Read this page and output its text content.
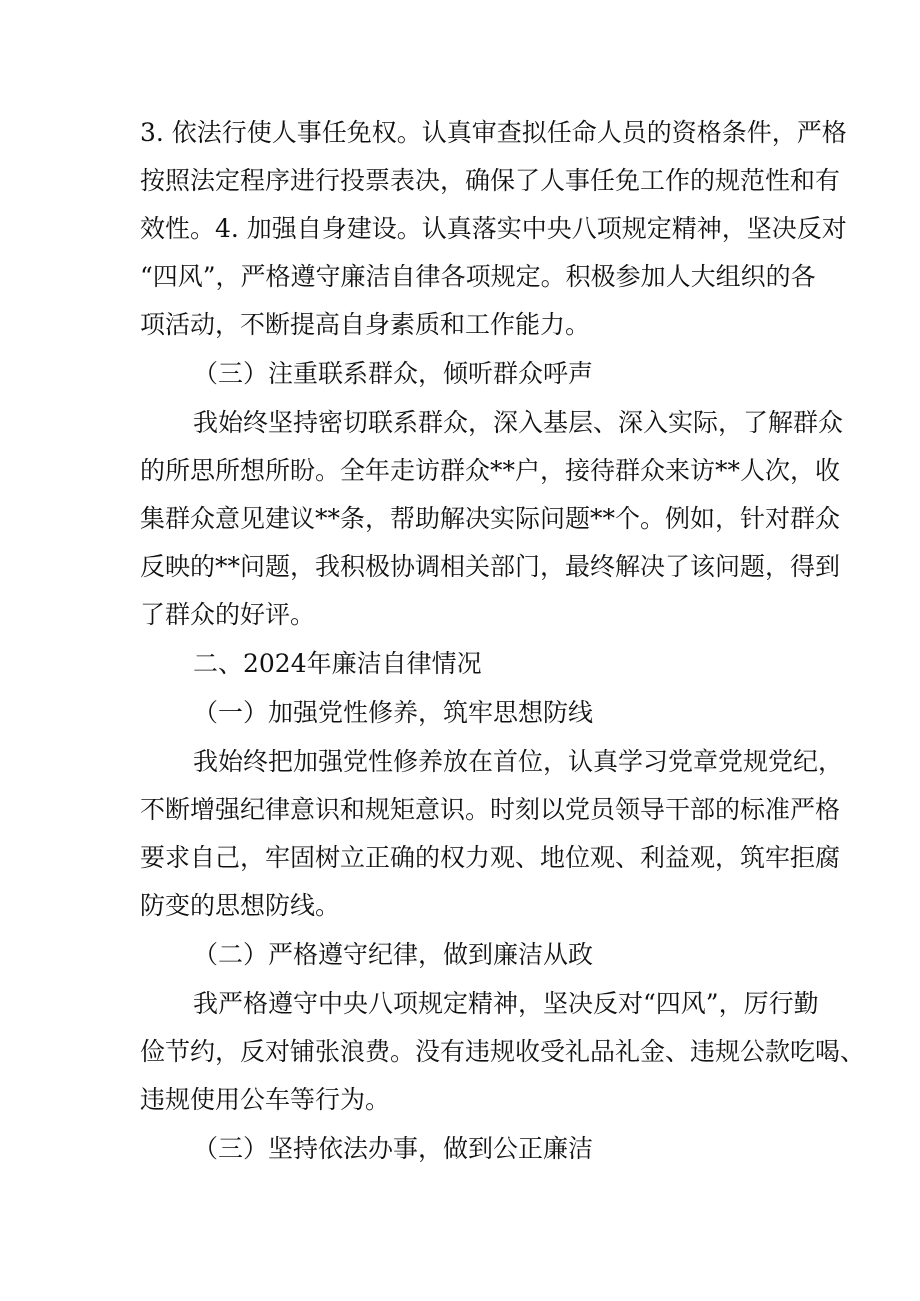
3. 依法行使人事任免权。认真审查拟任命人员的资格条件，严格
按照法定程序进行投票表决，确保了人事任免工作的规范性和有
效性。4. 加强自身建设。认真落实中央八项规定精神，坚决反对
“四风”，严格遵守廉洁自律各项规定。积极参加人大组织的各
项活动，不断提高自身素质和工作能力。
（三）注重联系群众，倾听群众呼声
我始终坚持密切联系群众，深入基层、深入实际，了解群众
的所思所想所盼。全年走访群众**户，接待群众来访**人次，收
集群众意见建议**条，帮助解决实际问题**个。例如，针对群众
反映的**问题，我积极协调相关部门，最终解决了该问题，得到
了群众的好评。
二、2024年廉洁自律情况
（一）加强党性修养，筑牢思想防线
我始终把加强党性修养放在首位，认真学习党章党规党纪，
不断增强纪律意识和规矩意识。时刻以党员领导干部的标准严格
要求自己，牢固树立正确的权力观、地位观、利益观，筑牢拒腐
防变的思想防线。
（二）严格遵守纪律，做到廉洁从政
我严格遵守中央八项规定精神，坚决反对“四风”，厉行勤
俭节约，反对铺张浪费。没有违规收受礼品礼金、违规公款吃喝、
违规使用公车等行为。
（三）坚持依法办事，做到公正廉洁
